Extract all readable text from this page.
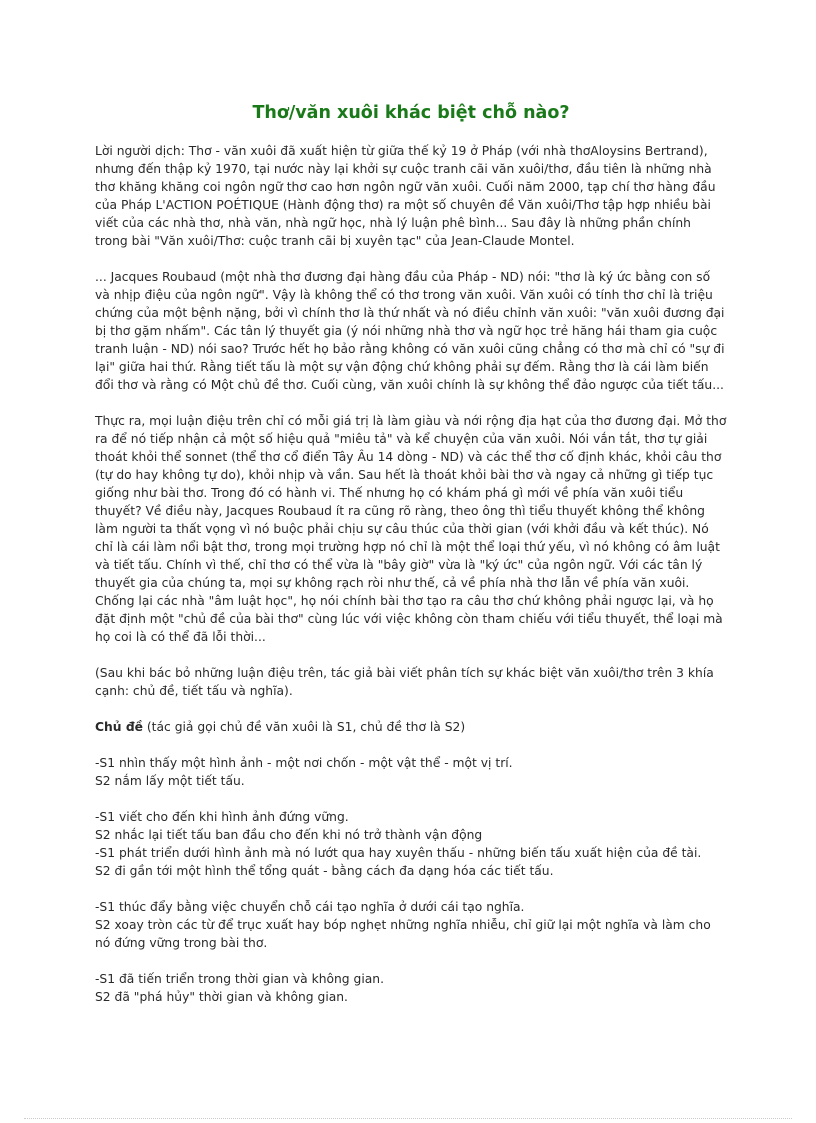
Thơ/văn xuôi khác biệt chỗ nào?

Lời người dịch: Thơ - văn xuôi đã xuất hiện từ giữa thế kỷ 19 ở Pháp (với nhà thơAloysins Bertrand),
nhưng đến thập kỷ 1970, tại nước này lại khởi sự cuộc tranh cãi văn xuôi/thơ, đầu tiên là những nhà
thơ khăng khăng coi ngôn ngữ thơ cao hơn ngôn ngữ văn xuôi. Cuối năm 2000, tạp chí thơ hàng đầu
của Pháp L'ACTION POÉTIQUE (Hành động thơ) ra một số chuyên đề Văn xuôi/Thơ tập hợp nhiều bài
viết của các nhà thơ, nhà văn, nhà ngữ học, nhà lý luận phê bình... Sau đây là những phần chính
trong bài "Văn xuôi/Thơ: cuộc tranh cãi bị xuyên tạc" của Jean-Claude Montel.

... Jacques Roubaud (một nhà thơ đương đại hàng đầu của Pháp - ND) nói: "thơ là ký ức bằng con số
và nhịp điệu của ngôn ngữ". Vậy là không thể có thơ trong văn xuôi. Văn xuôi có tính thơ chỉ là triệu
chứng của một bệnh nặng, bởi vì chính thơ là thứ nhất và nó điều chỉnh văn xuôi: "văn xuôi đương đại
bị thơ gặm nhấm". Các tân lý thuyết gia (ý nói những nhà thơ và ngữ học trẻ hăng hái tham gia cuộc
tranh luận - ND) nói sao? Trước hết họ bảo rằng không có văn xuôi cũng chẳng có thơ mà chỉ có "sự đi
lại" giữa hai thứ. Rằng tiết tấu là một sự vận động chứ không phải sự đếm. Rằng thơ là cái làm biến
đổi thơ và rằng có Một chủ đề thơ. Cuối cùng, văn xuôi chính là sự không thể đảo ngược của tiết tấu...

Thực ra, mọi luận điệu trên chỉ có mỗi giá trị là làm giàu và nới rộng địa hạt của thơ đương đại. Mở thơ
ra để nó tiếp nhận cả một số hiệu quả "miêu tả" và kể chuyện của văn xuôi. Nói vắn tắt, thơ tự giải
thoát khỏi thể sonnet (thể thơ cổ điển Tây Âu 14 dòng - ND) và các thể thơ cố định khác, khỏi câu thơ
(tự do hay không tự do), khỏi nhịp và vần. Sau hết là thoát khỏi bài thơ và ngay cả những gì tiếp tục
giống như bài thơ. Trong đó có hành vi. Thế nhưng họ có khám phá gì mới về phía văn xuôi tiểu
thuyết? Về điều này, Jacques Roubaud ít ra cũng rõ ràng, theo ông thì tiểu thuyết không thể không
làm người ta thất vọng vì nó buộc phải chịu sự câu thúc của thời gian (với khởi đầu và kết thúc). Nó
chỉ là cái làm nổi bật thơ, trong mọi trường hợp nó chỉ là một thể loại thứ yếu, vì nó không có âm luật
và tiết tấu. Chính vì thế, chỉ thơ có thể vừa là "bây giờ" vừa là "ký ức" của ngôn ngữ. Với các tân lý
thuyết gia của chúng ta, mọi sự không rạch ròi như thế, cả về phía nhà thơ lẫn về phía văn xuôi.
Chống lại các nhà "âm luật học", họ nói chính bài thơ tạo ra câu thơ chứ không phải ngược lại, và họ
đặt định một "chủ đề của bài thơ" cùng lúc với việc không còn tham chiếu với tiểu thuyết, thể loại mà
họ coi là có thể đã lỗi thời...

(Sau khi bác bỏ những luận điệu trên, tác giả bài viết phân tích sự khác biệt văn xuôi/thơ trên 3 khía
cạnh: chủ đề, tiết tấu và nghĩa).

Chủ đề (tác giả gọi chủ đề văn xuôi là S1, chủ đề thơ là S2)

-S1 nhìn thấy một hình ảnh - một nơi chốn - một vật thể - một vị trí.
S2 nắm lấy một tiết tấu.

-S1 viết cho đến khi hình ảnh đứng vững.
S2 nhắc lại tiết tấu ban đầu cho đến khi nó trở thành vận động
-S1 phát triển dưới hình ảnh mà nó lướt qua hay xuyên thấu - những biến tấu xuất hiện của đề tài.
S2 đi gần tới một hình thể tổng quát - bằng cách đa dạng hóa các tiết tấu.

-S1 thúc đẩy bằng việc chuyển chỗ cái tạo nghĩa ở dưới cái tạo nghĩa.
S2 xoay tròn các từ để trục xuất hay bóp nghẹt những nghĩa nhiễu, chỉ giữ lại một nghĩa và làm cho
nó đứng vững trong bài thơ.

-S1 đã tiến triển trong thời gian và không gian.
S2 đã "phá hủy" thời gian và không gian.
